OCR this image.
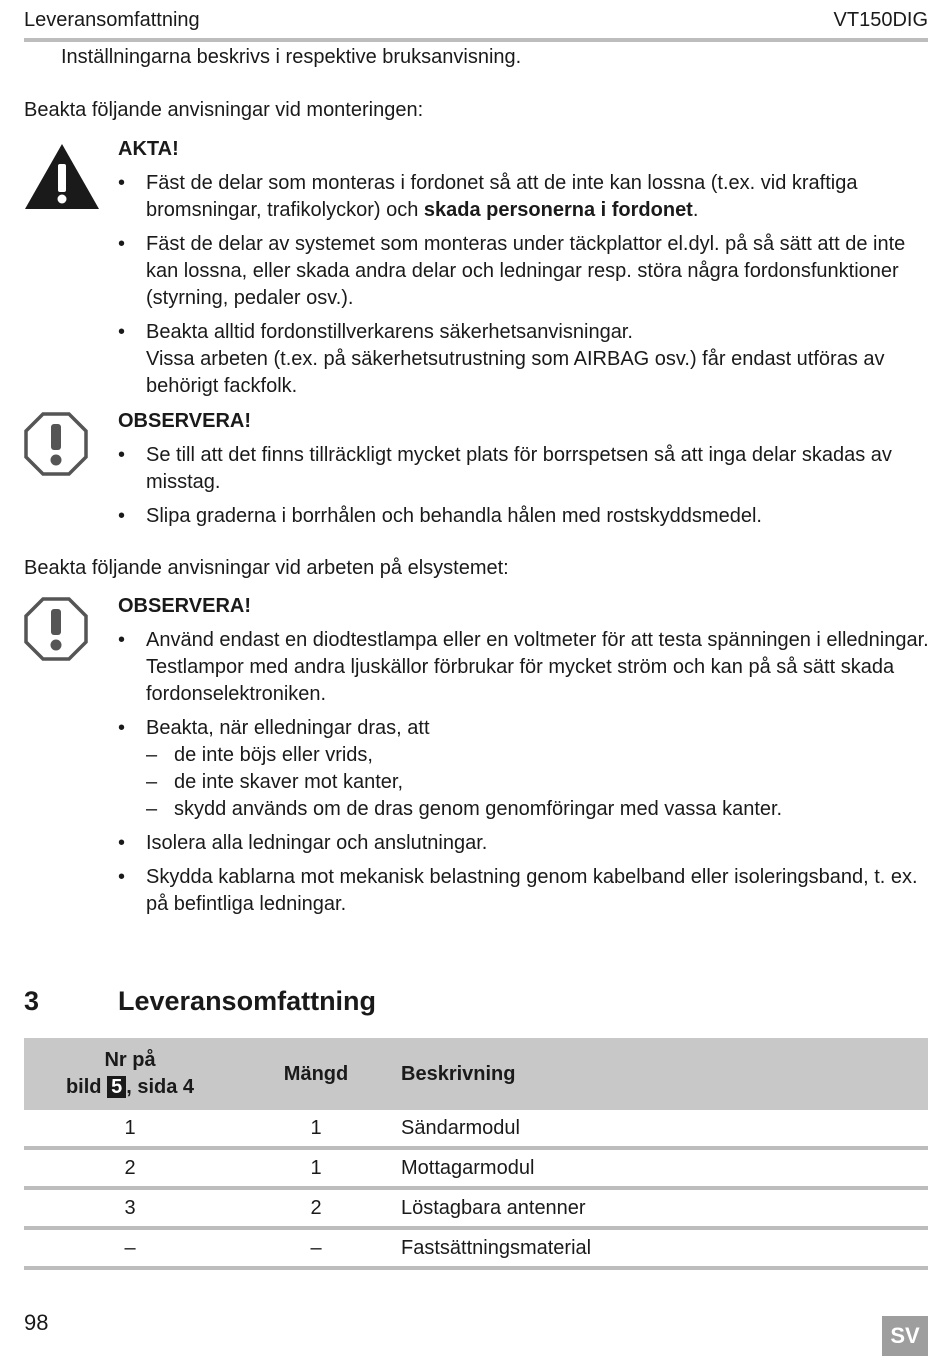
Leveransomfattning	VT150DIG
Inställningarna beskrivs i respektive bruksanvisning.
Beakta följande anvisningar vid monteringen:
AKTA!
• Fäst de delar som monteras i fordonet så att de inte kan lossna (t.ex. vid kraftiga bromsningar, trafikolyckor) och skada personerna i fordonet.
• Fäst de delar av systemet som monteras under täckplattor el.dyl. på så sätt att de inte kan lossna, eller skada andra delar och ledningar resp. störa några fordonsfunktioner (styrning, pedaler osv.).
• Beakta alltid fordonstillverkarens säkerhetsanvisningar.
Vissa arbeten (t.ex. på säkerhetsutrustning som AIRBAG osv.) får endast utföras av behörigt fackfolk.
OBSERVERA!
• Se till att det finns tillräckligt mycket plats för borrspetsen så att inga delar skadas av misstag.
• Slipa graderna i borrhålen och behandla hålen med rostskyddsmedel.
Beakta följande anvisningar vid arbeten på elsystemet:
OBSERVERA!
• Använd endast en diodtestlampa eller en voltmeter för att testa spänningen i elledningar.
Testlampor med andra ljuskällor förbrukar för mycket ström och kan på så sätt skada fordonselektroniken.
• Beakta, när elledningar dras, att
– de inte böjs eller vrids,
– de inte skaver mot kanter,
– skydd används om de dras genom genomföringar med vassa kanter.
• Isolera alla ledningar och anslutningar.
• Skydda kablarna mot mekanisk belastning genom kabelband eller isoleringsband, t. ex. på befintliga ledningar.
3	Leveransomfattning
Nr på
bild 5 , sida 4	Mängd	Beskrivning
1	1	Sändarmodul
2	1	Mottagarmodul
3	2	Löstagbara antenner
–	–	Fastsättningsmaterial
98
SV
